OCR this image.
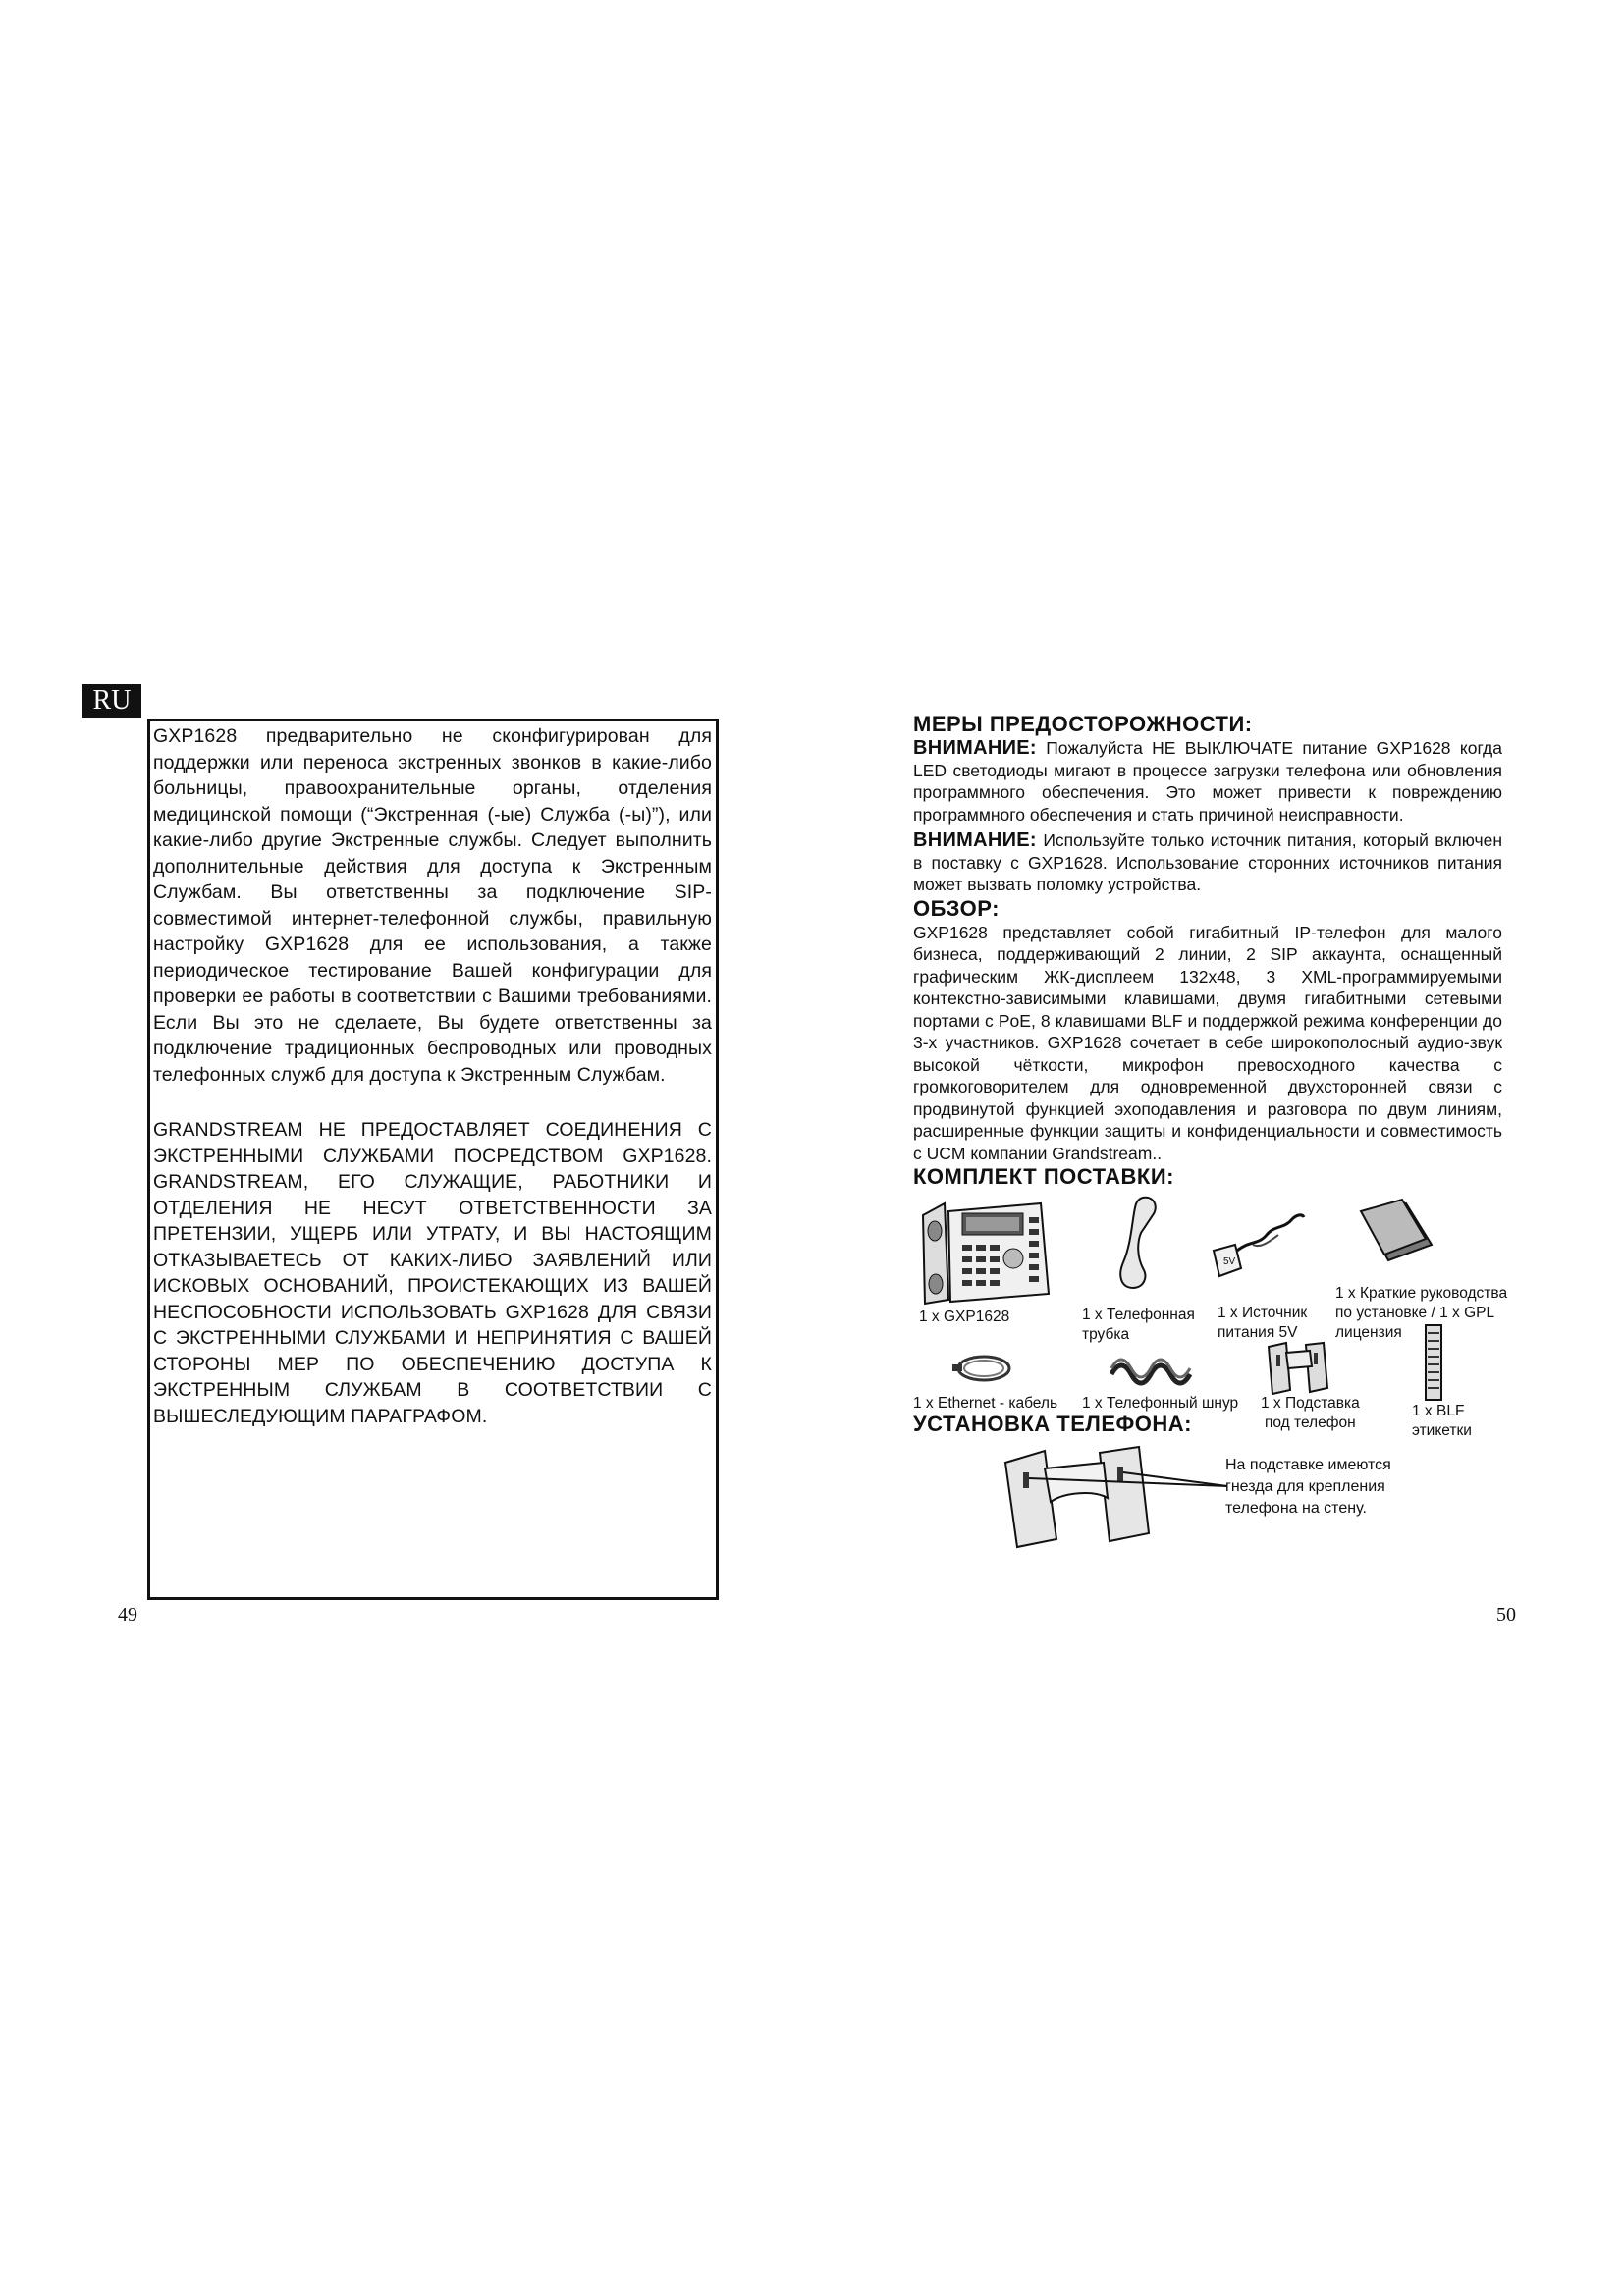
RU

GXP1628 предварительно не сконфигурирован для поддержки или переноса экстренных звонков в какие-либо больницы, правоохранительные органы, отделения медицинской помощи (“Экстренная (-ые) Служба (-ы)”), или какие-либо другие Экстренные службы. Следует выполнить дополнительные действия для доступа к Экстренным Службам. Вы ответственны за подключение SIP-совместимой интернет-телефонной службы, правильную настройку GXP1628 для ее использования, а также периодическое тестирование Вашей конфигурации для проверки ее работы в соответствии с Вашими требованиями. Если Вы это не сделаете, Вы будете ответственны за подключение традиционных беспроводных или проводных телефонных служб для доступа к Экстренным Службам.

GRANDSTREAM НЕ ПРЕДОСТАВЛЯЕТ СОЕДИНЕНИЯ С ЭКСТРЕННЫМИ СЛУЖБАМИ ПОСРЕДСТВОМ GXP1628. GRANDSTREAM, ЕГО СЛУЖАЩИЕ, РАБОТНИКИ И ОТДЕЛЕНИЯ НЕ НЕСУТ ОТВЕТСТВЕННОСТИ ЗА ПРЕТЕНЗИИ, УЩЕРБ ИЛИ УТРАТУ, И ВЫ НАСТОЯЩИМ ОТКАЗЫВАЕТЕСЬ ОТ КАКИХ-ЛИБО ЗАЯВЛЕНИЙ ИЛИ ИСКОВЫХ ОСНОВАНИЙ, ПРОИСТЕКАЮЩИХ ИЗ ВАШЕЙ НЕСПОСОБНОСТИ ИСПОЛЬЗОВАТЬ GXP1628 ДЛЯ СВЯЗИ С ЭКСТРЕННЫМИ СЛУЖБАМИ И НЕПРИНЯТИЯ С ВАШЕЙ СТОРОНЫ МЕР ПО ОБЕСПЕЧЕНИЮ ДОСТУПА К ЭКСТРЕННЫМ СЛУЖБАМ В СООТВЕТСТВИИ С ВЫШЕСЛЕДУЮЩИМ ПАРАГРАФОМ.

49	50
МЕРЫ ПРЕДОСТОРОЖНОСТИ:

ВНИМАНИЕ: Пожалуйста НЕ ВЫКЛЮЧАТЕ питание GXP1628 когда LED светодиоды мигают в процессе загрузки телефона или обновления программного обеспечения. Это может привести к повреждению программного обеспечения и стать причиной неисправности.

ВНИМАНИЕ: Используйте только источник питания, который включен в поставку с GXP1628. Использование сторонних источников питания может вызвать поломку устройства.

ОБЗОР:

GXP1628 представляет собой гигабитный IP-телефон для малого бизнеса, поддерживающий 2 линии, 2 SIP аккаунта, оснащенный графическим ЖК-дисплеем 132x48, 3 XML-программируемыми контекстно-зависимыми клавишами, двумя гигабитными сетевыми портами с PoE, 8 клавишами BLF и поддержкой режима конференции до 3-х участников. GXP1628 сочетает в себе широкополосный аудио-звук высокой чёткости, микрофон превосходного качества с громкоговорителем для одновременной двухсторонней связи с продвинутой функцией эхоподавления и разговора по двум линиям, расширенные функции защиты и конфиденциальности и совместимость с UCM компании Grandstream..

КОМПЛЕКТ ПОСТАВКИ:
5V
1 x GXP1628	1 x Телефонная
трубка
1 x Источник
питания 5V
1 x Краткие руководства
по установке / 1 x GPL
лицензия
1 x Ethernet - кабель 1 x Телефонный шнур 1 x Подставка
под телефон
1 x BLF
этикетки
УСТАНОВКА ТЕЛЕФОНА:
На подставке имеются гнезда для крепления телефона на стену.
